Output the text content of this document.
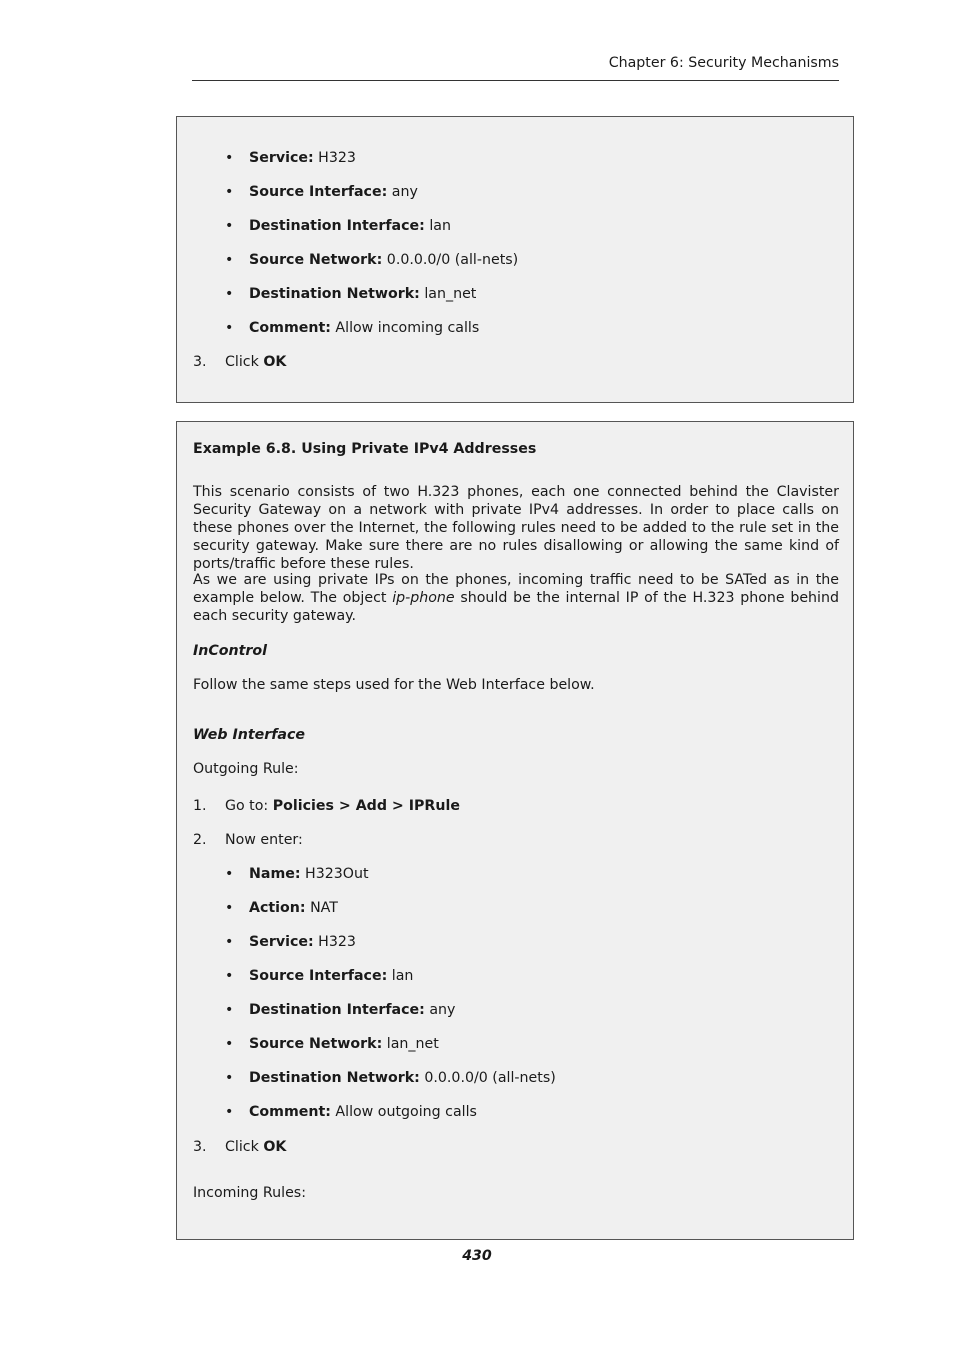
Chapter 6: Security Mechanisms
• Service: H323
• Source Interface: any
• Destination Interface: lan
• Source Network: 0.0.0.0/0 (all-nets)
• Destination Network: lan_net
• Comment: Allow incoming calls
3. Click OK
Example 6.8. Using Private IPv4 Addresses
This scenario consists of two H.323 phones, each one connected behind the Clavister Security Gateway on a network with private IPv4 addresses. In order to place calls on these phones over the Internet, the following rules need to be added to the rule set in the security gateway. Make sure there are no rules disallowing or allowing the same kind of ports/traffic before these rules.
As we are using private IPs on the phones, incoming traffic need to be SATed as in the example below. The object ip-phone should be the internal IP of the H.323 phone behind each security gateway.
InControl
Follow the same steps used for the Web Interface below.
Web Interface
Outgoing Rule:
1. Go to: Policies > Add > IPRule
2. Now enter:
• Name: H323Out
• Action: NAT
• Service: H323
• Source Interface: lan
• Destination Interface: any
• Source Network: lan_net
• Destination Network: 0.0.0.0/0 (all-nets)
• Comment: Allow outgoing calls
3. Click OK
Incoming Rules:
430
